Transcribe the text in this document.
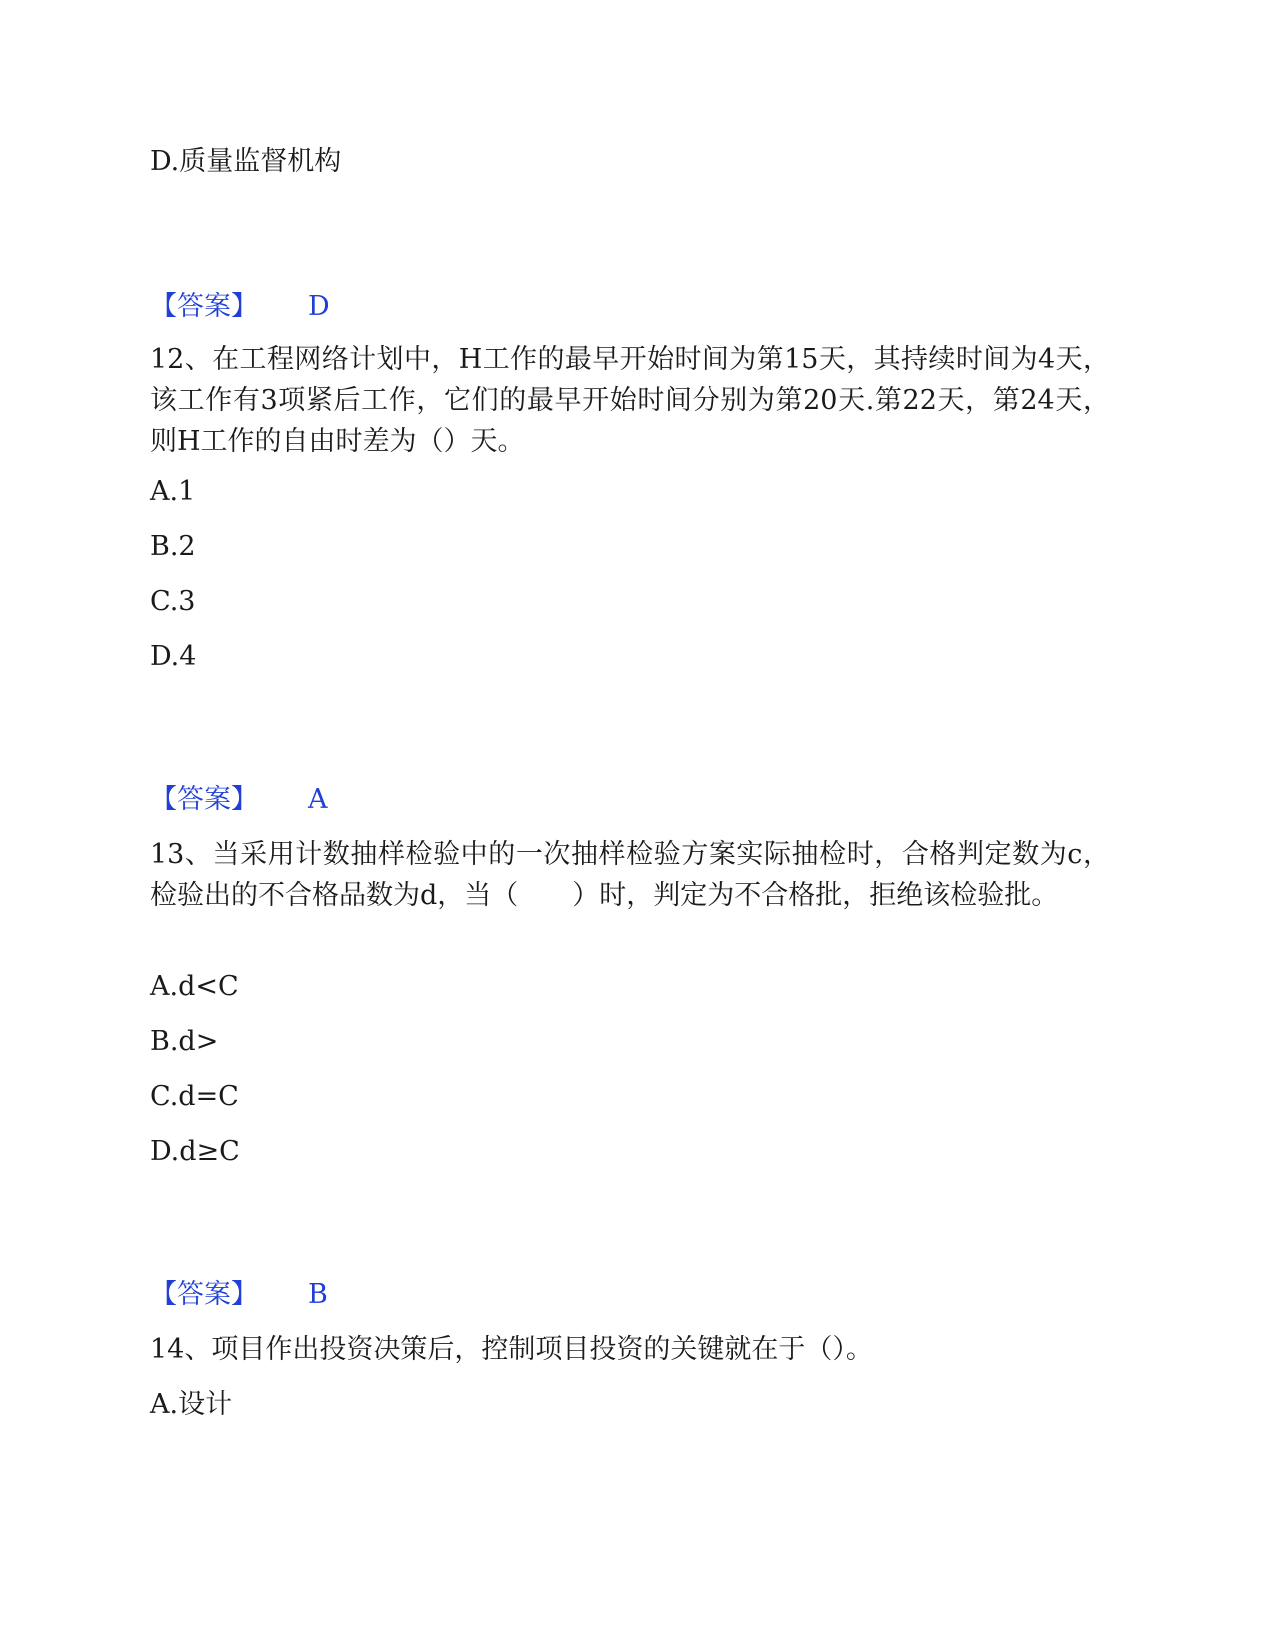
D.质量监督机构
【答案】 D
12、在工程网络计划中，H工作的最早开始时间为第15天，其持续时间为4天，该工作有3项紧后工作，它们的最早开始时间分别为第20天.第22天，第24天，则H工作的自由时差为（）天。
A.1
B.2
C.3
D.4
【答案】 A
13、当采用计数抽样检验中的一次抽样检验方案实际抽检时，合格判定数为c，检验出的不合格品数为d，当（　　）时，判定为不合格批，拒绝该检验批。
A.d<C
B.d>
C.d=C
D.d≥C
【答案】 B
14、项目作出投资决策后，控制项目投资的关键就在于（）。
A.设计
